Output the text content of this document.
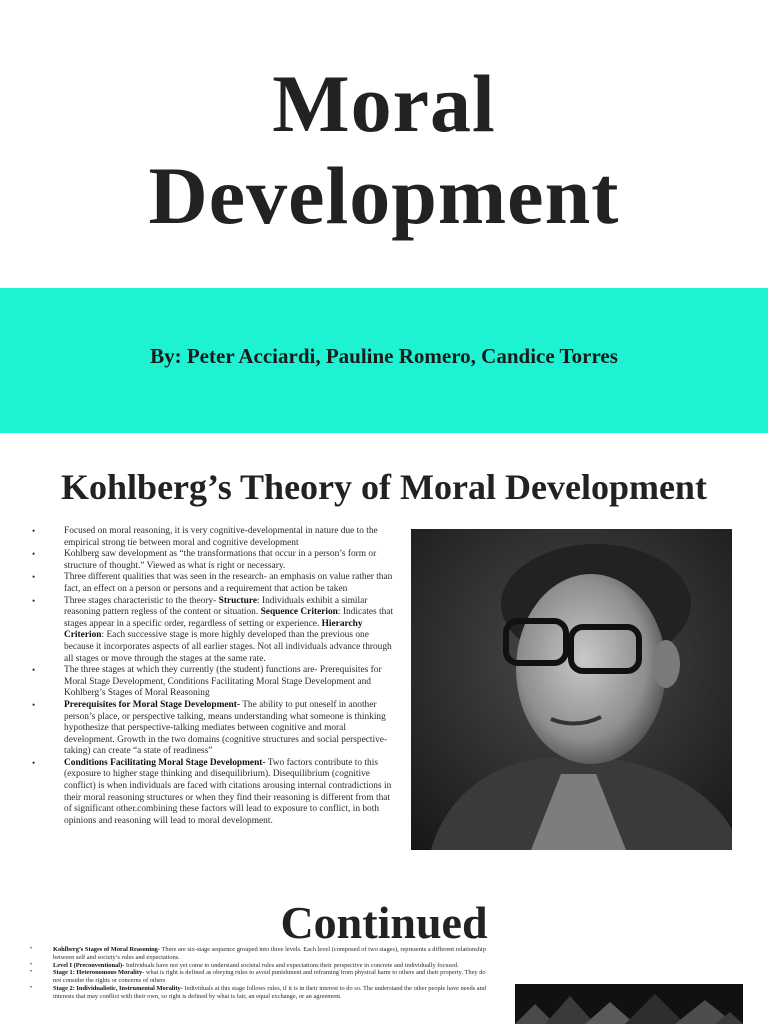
Moral
Development
By: Peter Acciardi, Pauline Romero, Candice Torres
Kohlberg’s Theory of Moral Development
• Focused on moral reasoning, it is very cognitive-developmental in nature due to the empirical strong tie between moral and cognitive development
• Kohlberg saw development as “the transformations that occur in a person’s form or structure of thought.” Viewed as what is right or necessary.
• Three different qualities that was seen in the research- an emphasis on value rather than fact, an effect on a person or persons and a requirement that action be taken
• Three stages characteristic to the theory- Structure: Individuals exhibit a similar reasoning pattern regless of the content or situation. Sequence Criterion: Indicates that stages appear in a specific order, regardless of setting or experience. Hierarchy Criterion: Each successive stage is more highly developed than the previous one because it incorporates aspects of all earlier stages. Not all individuals advance through all stages or move through the stages at the same rate.
• The three stages at which they currently (the student) functions are- Prerequisites for Moral Stage Development, Conditions Facilitating Moral Stage Development and Kohlberg’s Stages of Moral Reasoning
• Prerequisites for Moral Stage Development- The ability to put oneself in another person’s place, or perspective talking, means understanding what someone is thinking hypothesize that perspective-talking mediates between cognitive and moral development. Growth in the two domains (cognitive structures and social perspective-taking) can create “a state of readiness”
• Conditions Facilitating Moral Stage Development- Two factors contribute to this (exposure to higher stage thinking and disequilibrium). Disequilibrium (cognitive conflict) is when individuals are faced with citations arousing internal contradictions in their moral reasoning structures or when they find their reasoning is different from that of significant other.combining these factors will lead to exposure to conflict, in both opinions and reasoning will lead to moral development.
Continued
• Kohlberg’s Stages of Moral Reasoning- There are six-stage sequence grouped into three levels. Each level (composed of two stages), represents a different relationship between self and society’s rules and expectations.
• Level I (Preconventional)- Individuals have not yet come to understand societal rules and expectations their perspective in concrete and individually focused.
• Stage 1: Heteronomous Morality- what is right is defined as obeying rules to avoid punishment and reframing from physical harm to others and their property. They do not consider the rights or concerns of others
• Stage 2: Individualistic, Instrumental Morality- Individuals at this stage follows rules, if it is in their interest to do so. The understand the other people have needs and interests that may conflict with their own, so right is defined by what is fair, an equal exchange, or an agreement.
